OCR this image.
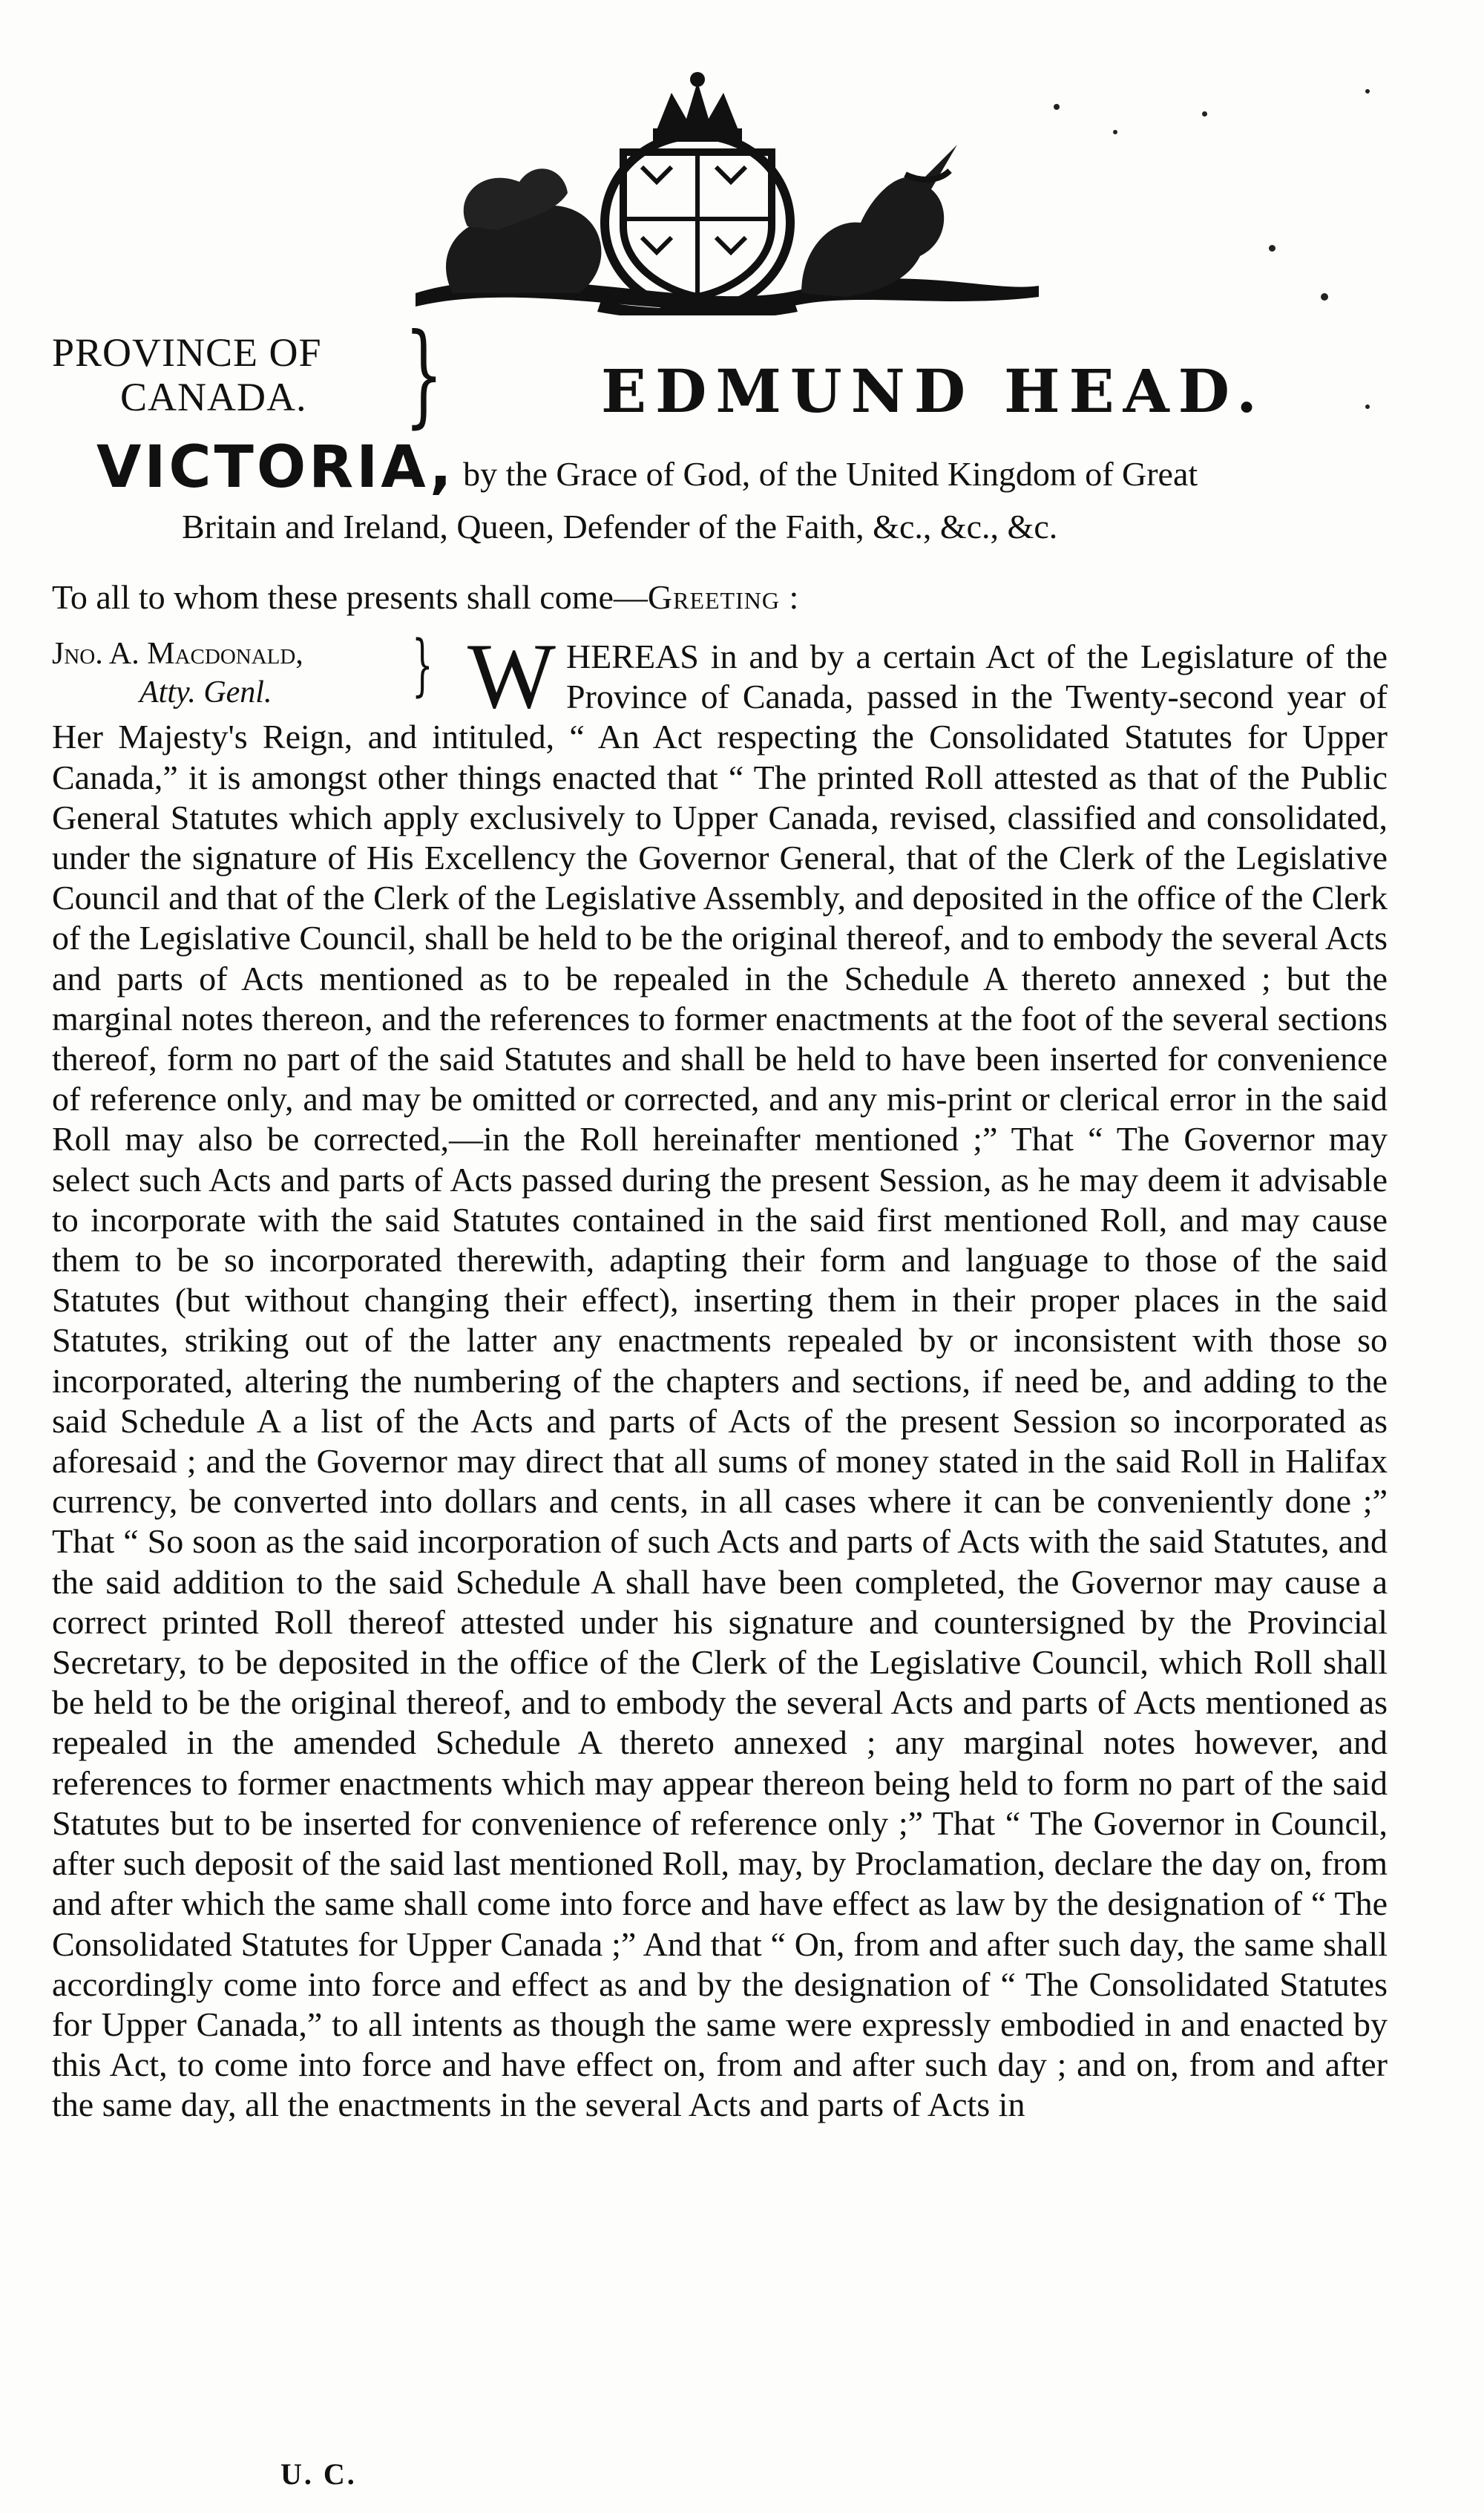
PROVINCE OF
CANADA. }	EDMUND HEAD.
VICTORIA, by the Grace of God, of the United Kingdom of Great
Britain and Ireland, Queen, Defender of the Faith, &c., &c., &c.
To all to whom these presents shall come—Greeting :
Jno. A. Macdonald,
Atty. Genl.	} W HEREAS in and by a certain Act of the Legislature of the Province of Canada, passed in the Twenty-second year of Her Majesty's Reign, and intituled, “ An Act respecting the Consolidated Statutes for Upper Canada,” it is amongst other things enacted that “ The printed Roll attested as that of the Public General Statutes which apply exclusively to Upper Canada, revised, classified and consolidated, under the signature of His Excellency the Governor General, that of the Clerk of the Legislative Council and that of the Clerk of the Legislative Assembly, and deposited in the office of the Clerk of the Legislative Council, shall be held to be the original thereof, and to embody the several Acts and parts of Acts mentioned as to be repealed in the Schedule A thereto annexed ; but the marginal notes thereon, and the references to former enactments at the foot of the several sections thereof, form no part of the said Statutes and shall be held to have been inserted for convenience of reference only, and may be omitted or corrected, and any mis-print or clerical error in the said Roll may also be corrected,—in the Roll hereinafter mentioned ;” That “ The Governor may select such Acts and parts of Acts passed during the present Session, as he may deem it advisable to incorporate with the said Statutes contained in the said first mentioned Roll, and may cause them to be so incorporated therewith, adapting their form and language to those of the said Statutes (but without changing their effect), inserting them in their proper places in the said Statutes, striking out of the latter any enactments repealed by or inconsistent with those so incorporated, altering the numbering of the chapters and sections, if need be, and adding to the said Schedule A a list of the Acts and parts of Acts of the present Session so incorporated as aforesaid ; and the Governor may direct that all sums of money stated in the said Roll in Halifax currency, be converted into dollars and cents, in all cases where it can be conveniently done ;” That “ So soon as the said incorporation of such Acts and parts of Acts with the said Statutes, and the said addition to the said Schedule A shall have been completed, the Governor may cause a correct printed Roll thereof attested under his signature and countersigned by the Provincial Secretary, to be deposited in the office of the Clerk of the Legislative Council, which Roll shall be held to be the original thereof, and to embody the several Acts and parts of Acts mentioned as repealed in the amended Schedule A thereto annexed ; any marginal notes however, and references to former enactments which may appear thereon being held to form no part of the said Statutes but to be inserted for convenience of reference only ;” That “ The Governor in Council, after such deposit of the said last mentioned Roll, may, by Proclamation, declare the day on, from and after which the same shall come into force and have effect as law by the designation of “ The Consolidated Statutes for Upper Canada ;” And that “ On, from and after such day, the same shall accordingly come into force and effect as and by the designation of “ The Consolidated Statutes for Upper Canada,” to all intents as though the same were expressly embodied in and enacted by this Act, to come into force and have effect on, from and after such day ; and on, from and after the same day, all the enactments in the several Acts and parts of Acts in

U. C.
